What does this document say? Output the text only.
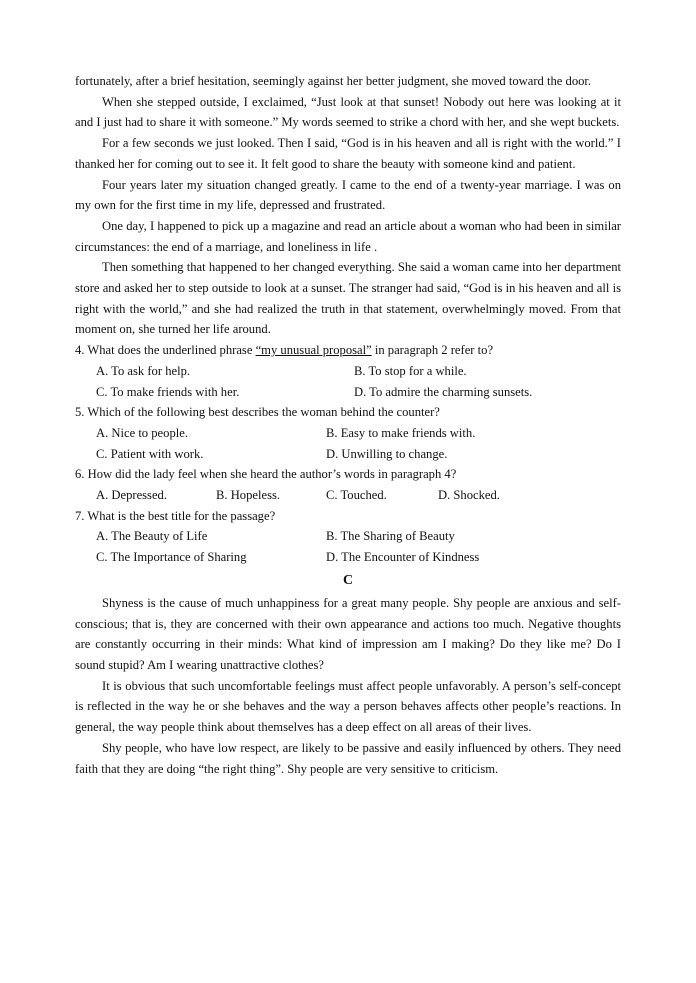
fortunately, after a brief hesitation, seemingly against her better judgment, she moved toward the door.

When she stepped outside, I exclaimed, “Just look at that sunset! Nobody out here was looking at it and I just had to share it with someone.” My words seemed to strike a chord with her, and she wept buckets.

For a few seconds we just looked. Then I said, “God is in his heaven and all is right with the world.” I thanked her for coming out to see it. It felt good to share the beauty with someone kind and patient.

Four years later my situation changed greatly. I came to the end of a twenty-year marriage. I was on my own for the first time in my life, depressed and frustrated.

One day, I happened to pick up a magazine and read an article about a woman who had been in similar circumstances: the end of a marriage, and loneliness in life .

Then something that happened to her changed everything. She said a woman came into her department store and asked her to step outside to look at a sunset. The stranger had said, “God is in his heaven and all is right with the world,” and she had realized the truth in that statement, overwhelmingly moved. From that moment on, she turned her life around.

4. What does the underlined phrase “my unusual proposal” in paragraph 2 refer to?

A. To ask for help.	B. To stop for a while.
C. To make friends with her.	D. To admire the charming sunsets.

5. Which of the following best describes the woman behind the counter?

A. Nice to people.	B. Easy to make friends with.
C. Patient with work.	D. Unwilling to change.

6. How did the lady feel when she heard the author’s words in paragraph 4?

A. Depressed.	B. Hopeless.	C. Touched.	D. Shocked.

7. What is the best title for the passage?

A. The Beauty of Life	B. The Sharing of Beauty
C. The Importance of Sharing	D. The Encounter of Kindness

C

Shyness is the cause of much unhappiness for a great many people. Shy people are anxious and self-conscious; that is, they are concerned with their own appearance and actions too much. Negative thoughts are constantly occurring in their minds: What kind of impression am I making? Do they like me? Do I sound stupid? Am I wearing unattractive clothes?

It is obvious that such uncomfortable feelings must affect people unfavorably. A person’s self-concept is reflected in the way he or she behaves and the way a person behaves affects other people’s reactions. In general, the way people think about themselves has a deep effect on all areas of their lives.

Shy people, who have low respect, are likely to be passive and easily influenced by others. They need faith that they are doing “the right thing”. Shy people are very sensitive to criticism.
